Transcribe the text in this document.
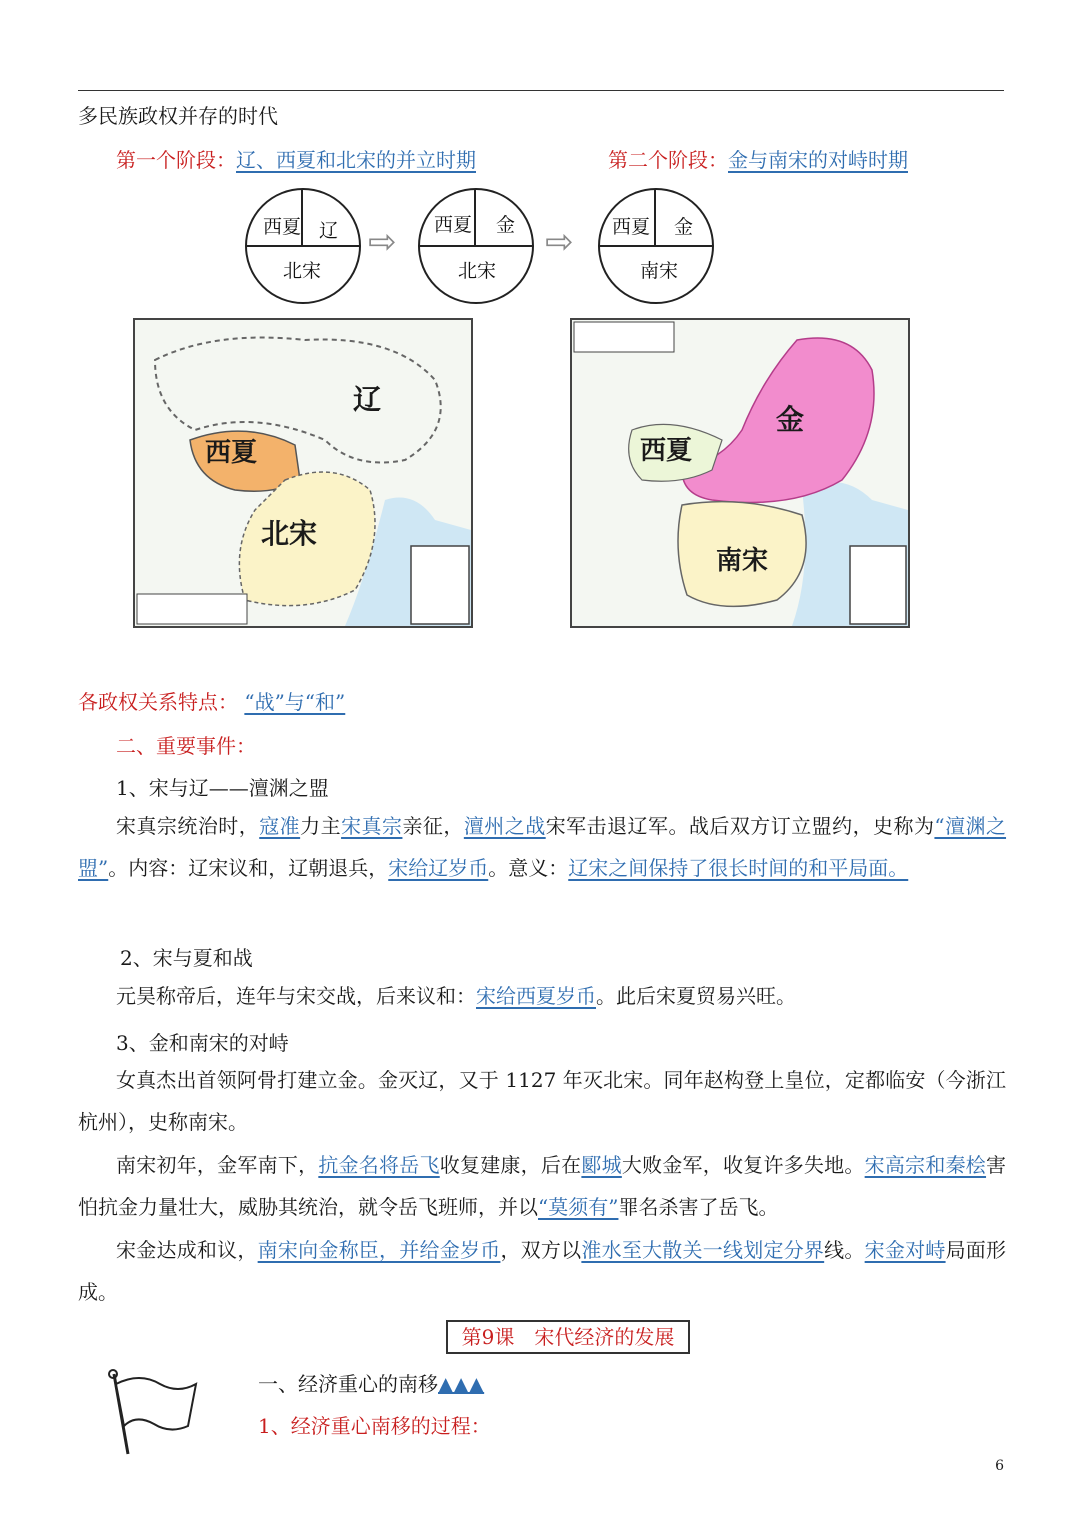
多民族政权并存的时代
第一个阶段：辽、西夏和北宋的并立时期	第二个阶段：金与南宋的对峙时期
西夏 辽
北宋
⇨ 西夏 金
北宋
⇨ 西夏 金
南宋
辽
西夏
北宋
金
西夏
南宋
各政权关系特点： “战”与“和”
二、重要事件：
1、宋与辽——澶渊之盟
宋真宗统治时，寇准力主宋真宗亲征，澶州之战宋军击退辽军。战后双方订立盟约，史称为“澶渊之盟”。内容：辽宋议和，辽朝退兵，宋给辽岁币。意义：辽宋之间保持了很长时间的和平局面。
2、宋与夏和战
元昊称帝后，连年与宋交战，后来议和：宋给西夏岁币。此后宋夏贸易兴旺。
3、金和南宋的对峙
女真杰出首领阿骨打建立金。金灭辽，又于 1127 年灭北宋。同年赵构登上皇位，定都临安（今浙江杭州），史称南宋。
南宋初年，金军南下，抗金名将岳飞收复建康，后在郾城大败金军，收复许多失地。宋高宗和秦桧害怕抗金力量壮大，威胁其统治，就令岳飞班师，并以“莫须有”罪名杀害了岳飞。
宋金达成和议，南宋向金称臣，并给金岁币，双方以淮水至大散关一线划定分界线。宋金对峙局面形成。
第9课　宋代经济的发展
一、经济重心的南移▲▲▲
1、经济重心南移的过程：
6
